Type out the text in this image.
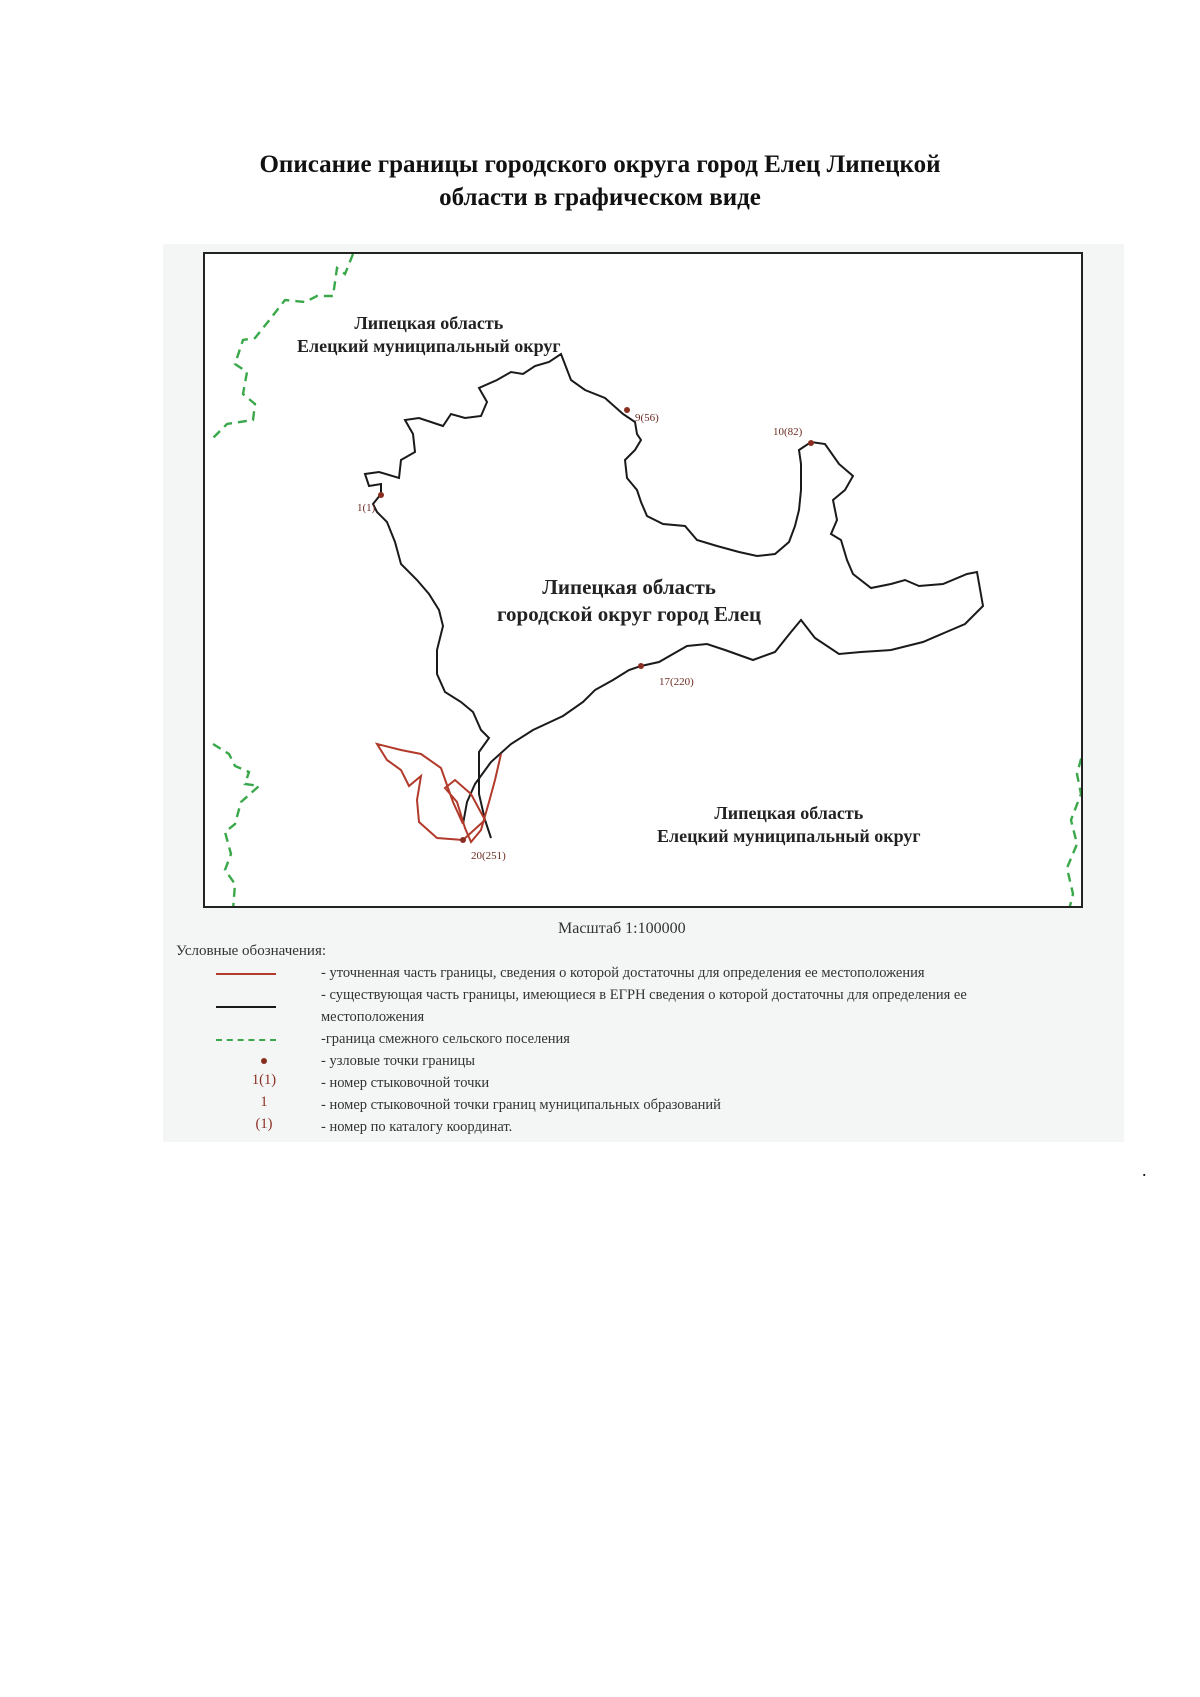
Описание границы городского округа город Елец Липецкой
области в графическом виде
Липецкая область
Елецкий муниципальный округ
Липецкая область
городской округ город Елец
Липецкая область
Елецкий муниципальный округ
1(1)
9(56)
10(82)
17(220)
20(251)
Масштаб 1:100000
Условные обозначения:
- уточненная часть границы, сведения о которой достаточны для определения ее местоположения
- существующая часть границы, имеющиеся в ЕГРН сведения о которой достаточны для определения ее местоположения
-граница смежного сельского поселения
- узловые точки границы
1(1)	- номер стыковочной точки
1	- номер стыковочной точки границ муниципальных образований
(1)	- номер по каталогу координат.
.
